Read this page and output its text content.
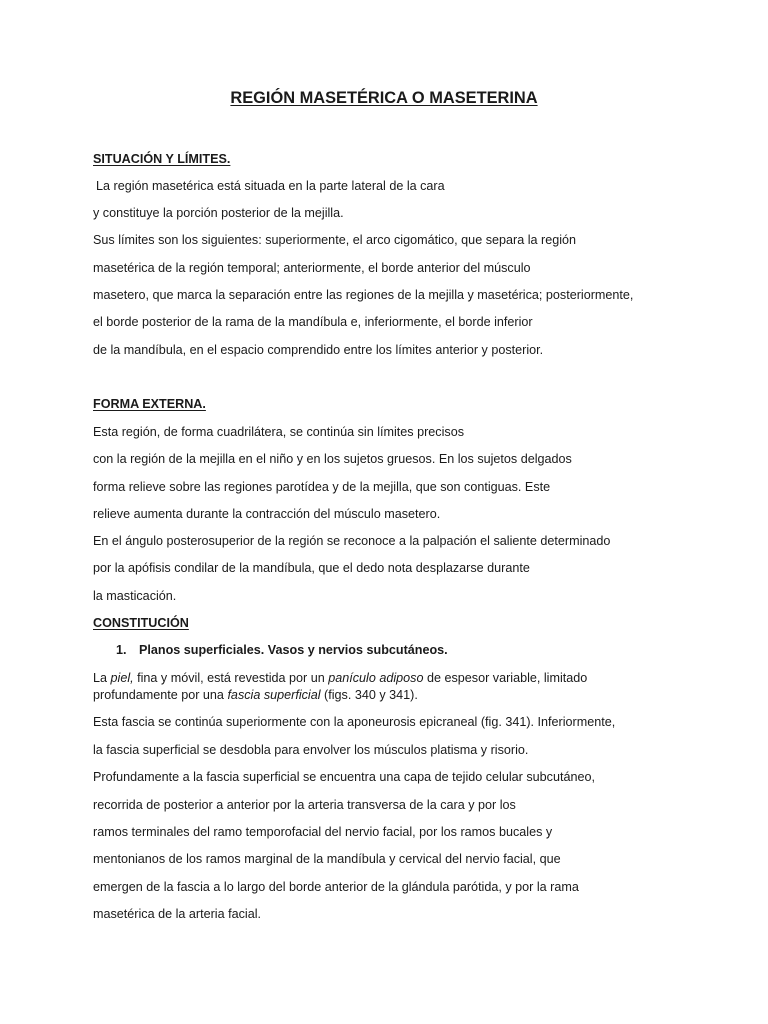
REGIÓN MASETÉRICA O MASETERINA
SITUACIÓN Y LÍMITES.
La región masetérica está situada en la parte lateral de la cara
y constituye la porción posterior de la mejilla.
Sus límites son los siguientes: superiormente, el arco cigomático, que separa la región
masetérica de la región temporal; anteriormente, el borde anterior del músculo
masetero, que marca la separación entre las regiones de la mejilla y masetérica; posteriormente,
el borde posterior de la rama de la mandíbula e, inferiormente, el borde inferior
de la mandíbula, en el espacio comprendido entre los límites anterior y posterior.
FORMA EXTERNA.
Esta región, de forma cuadrilátera, se continúa sin límites precisos
con la región de la mejilla en el niño y en los sujetos gruesos. En los sujetos delgados
forma relieve sobre las regiones parotídea y de la mejilla, que son contiguas. Este
relieve aumenta durante la contracción del músculo masetero.
En el ángulo posterosuperior de la región se reconoce a la palpación el saliente determinado
por la apófisis condilar de la mandíbula, que el dedo nota desplazarse durante
la masticación.
CONSTITUCIÓN
1. Planos superficiales. Vasos y nervios subcutáneos.
La piel, fina y móvil, está revestida por un panículo adiposo de espesor variable, limitado
profundamente por una fascia superficial (figs. 340 y 341).
Esta fascia se continúa superiormente con la aponeurosis epicraneal (fig. 341). Inferiormente,
la fascia superficial se desdobla para envolver los músculos platisma y risorio.
Profundamente a la fascia superficial se encuentra una capa de tejido celular subcutáneo,
recorrida de posterior a anterior por la arteria transversa de la cara y por los
ramos terminales del ramo temporofacial del nervio facial, por los ramos bucales y
mentonianos de los ramos marginal de la mandíbula y cervical del nervio facial, que
emergen de la fascia a lo largo del borde anterior de la glándula parótida, y por la rama
masetérica de la arteria facial.
